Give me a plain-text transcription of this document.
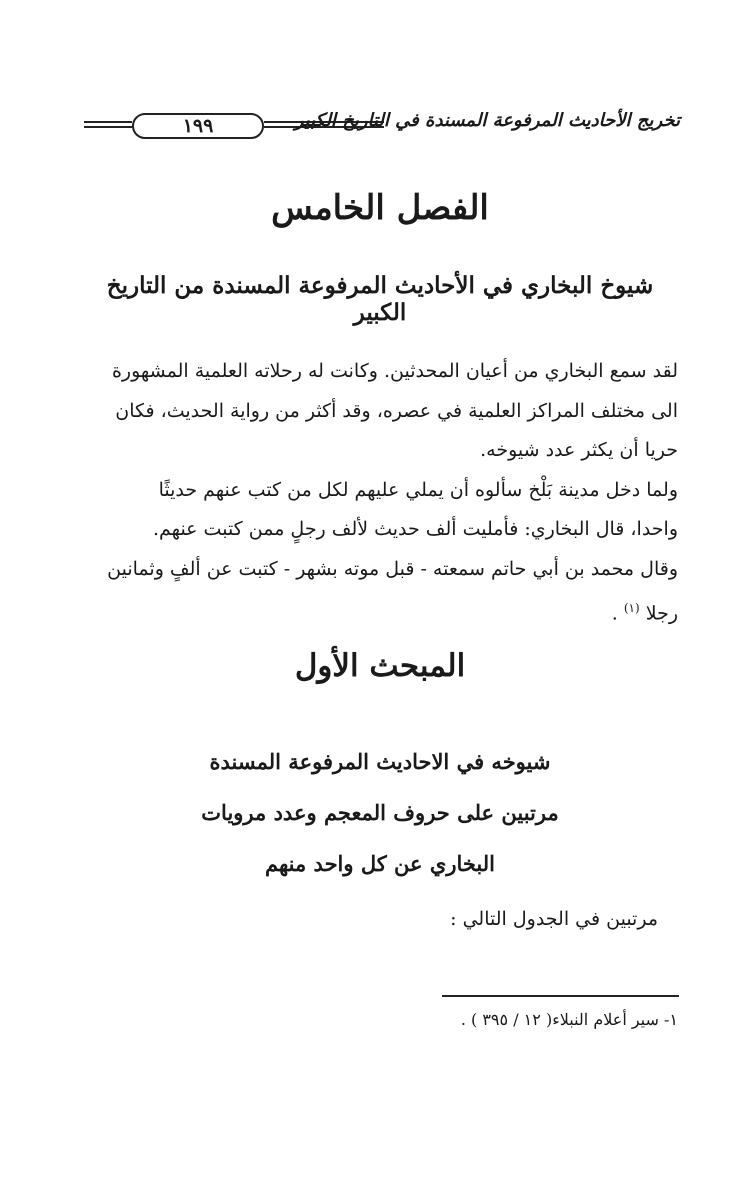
١٩٩	تخريج الأحاديث المرفوعة المسندة في التاريخ الكبير
الفصل الخامس
شيوخ البخاري في الأحاديث المرفوعة المسندة من التاريخ الكبير

لقد سمع البخاري من أعيان المحدثين. وكانت له رحلاته العلمية المشهورة

الى مختلف المراكز العلمية في عصره، وقد أكثر من رواية الحديث، فكان

حريا أن يكثر عدد شيوخه.

ولما دخل مدينة بَلْخ سألوه أن يملي عليهم لكل من كتب عنهم حديثًا

واحدا، قال البخاري: فأمليت ألف حديث لألف رجلٍ ممن كتبت عنهم.

وقال محمد بن أبي حاتم سمعته - قبل موته بشهر - كتبت عن ألفٍ وثمانين

رجلا $^{(١)}$ .

المبحث الأول
شيوخه في الاحاديث المرفوعة المسندة
مرتبين على حروف المعجم وعدد مرويات
البخاري عن كل واحد منهم
مرتبين في الجدول التالي :
١- سير أعلام النبلاء( ١٢ / ٣٩٥ ) .
